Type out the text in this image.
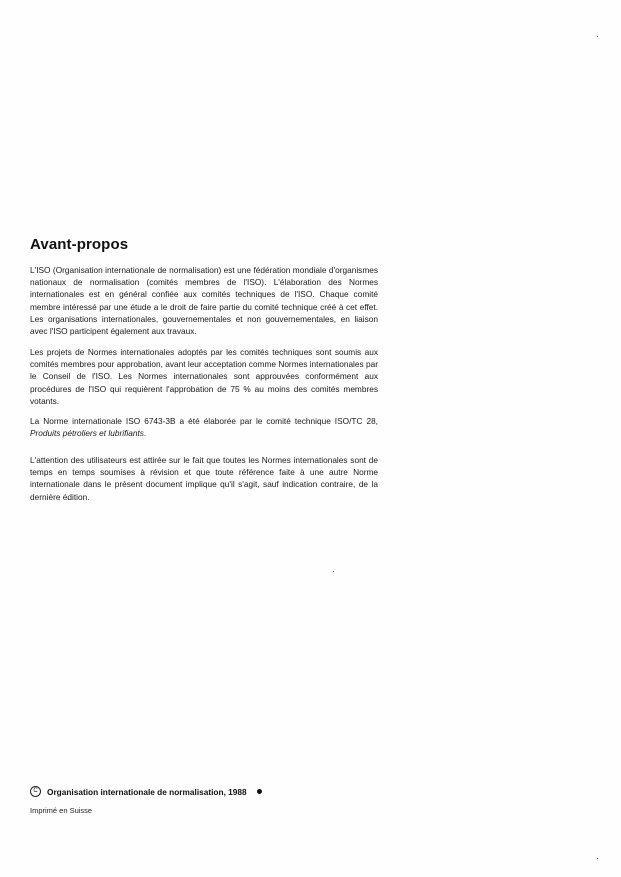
Avant-propos

L'ISO (Organisation internationale de normalisation) est une fédération mondiale d'organismes nationaux de normalisation (comités membres de l'ISO). L'élaboration des Normes internationales est en général confiée aux comités techniques de l'ISO. Chaque comité membre intéressé par une étude a le droit de faire partie du comité technique créé à cet effet. Les organisations internationales, gouvernementales et non gouvernementales, en liaison avec l'ISO participent également aux travaux.

Les projets de Normes internationales adoptés par les comités techniques sont soumis aux comités membres pour approbation, avant leur acceptation comme Normes internationales par le Conseil de l'ISO. Les Normes internationales sont approuvées conformément aux procédures de l'ISO qui requièrent l'approbation de 75 % au moins des comités membres votants.

La Norme internationale ISO 6743-3B a été élaborée par le comité technique ISO/TC 28, Produits pétroliers et lubrifiants.

L'attention des utilisateurs est attirée sur le fait que toutes les Normes internationales sont de temps en temps soumises à révision et que toute référence faite à une autre Norme internationale dans le présent document implique qu'il s'agit, sauf indication contraire, de la dernière édition.

C	Organisation internationale de normalisation, 1988
Imprimé en Suisse
